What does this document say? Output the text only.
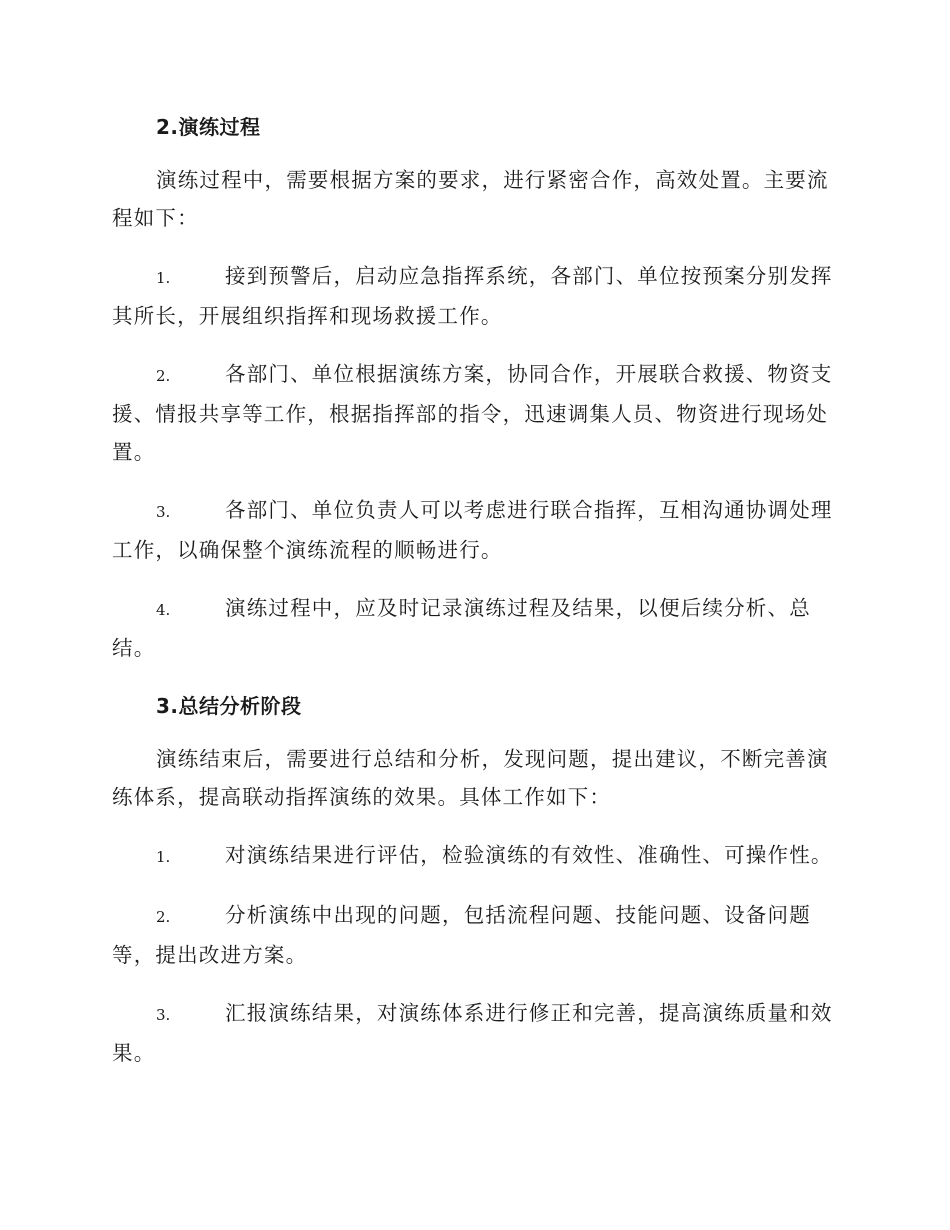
2.演练过程

演练过程中，需要根据方案的要求，进行紧密合作，高效处置。主要流程如下：

1.	接到预警后，启动应急指挥系统，各部门、单位按预案分别发挥其所长，开展组织指挥和现场救援工作。

2.	各部门、单位根据演练方案，协同合作，开展联合救援、物资支援、情报共享等工作，根据指挥部的指令，迅速调集人员、物资进行现场处置。

3.	各部门、单位负责人可以考虑进行联合指挥，互相沟通协调处理工作，以确保整个演练流程的顺畅进行。

4.	演练过程中，应及时记录演练过程及结果，以便后续分析、总结。

3.总结分析阶段

演练结束后，需要进行总结和分析，发现问题，提出建议，不断完善演练体系，提高联动指挥演练的效果。具体工作如下：

1.	对演练结果进行评估，检验演练的有效性、准确性、可操作性。

2.	分析演练中出现的问题，包括流程问题、技能问题、设备问题等，提出改进方案。

3.	汇报演练结果，对演练体系进行修正和完善，提高演练质量和效果。
